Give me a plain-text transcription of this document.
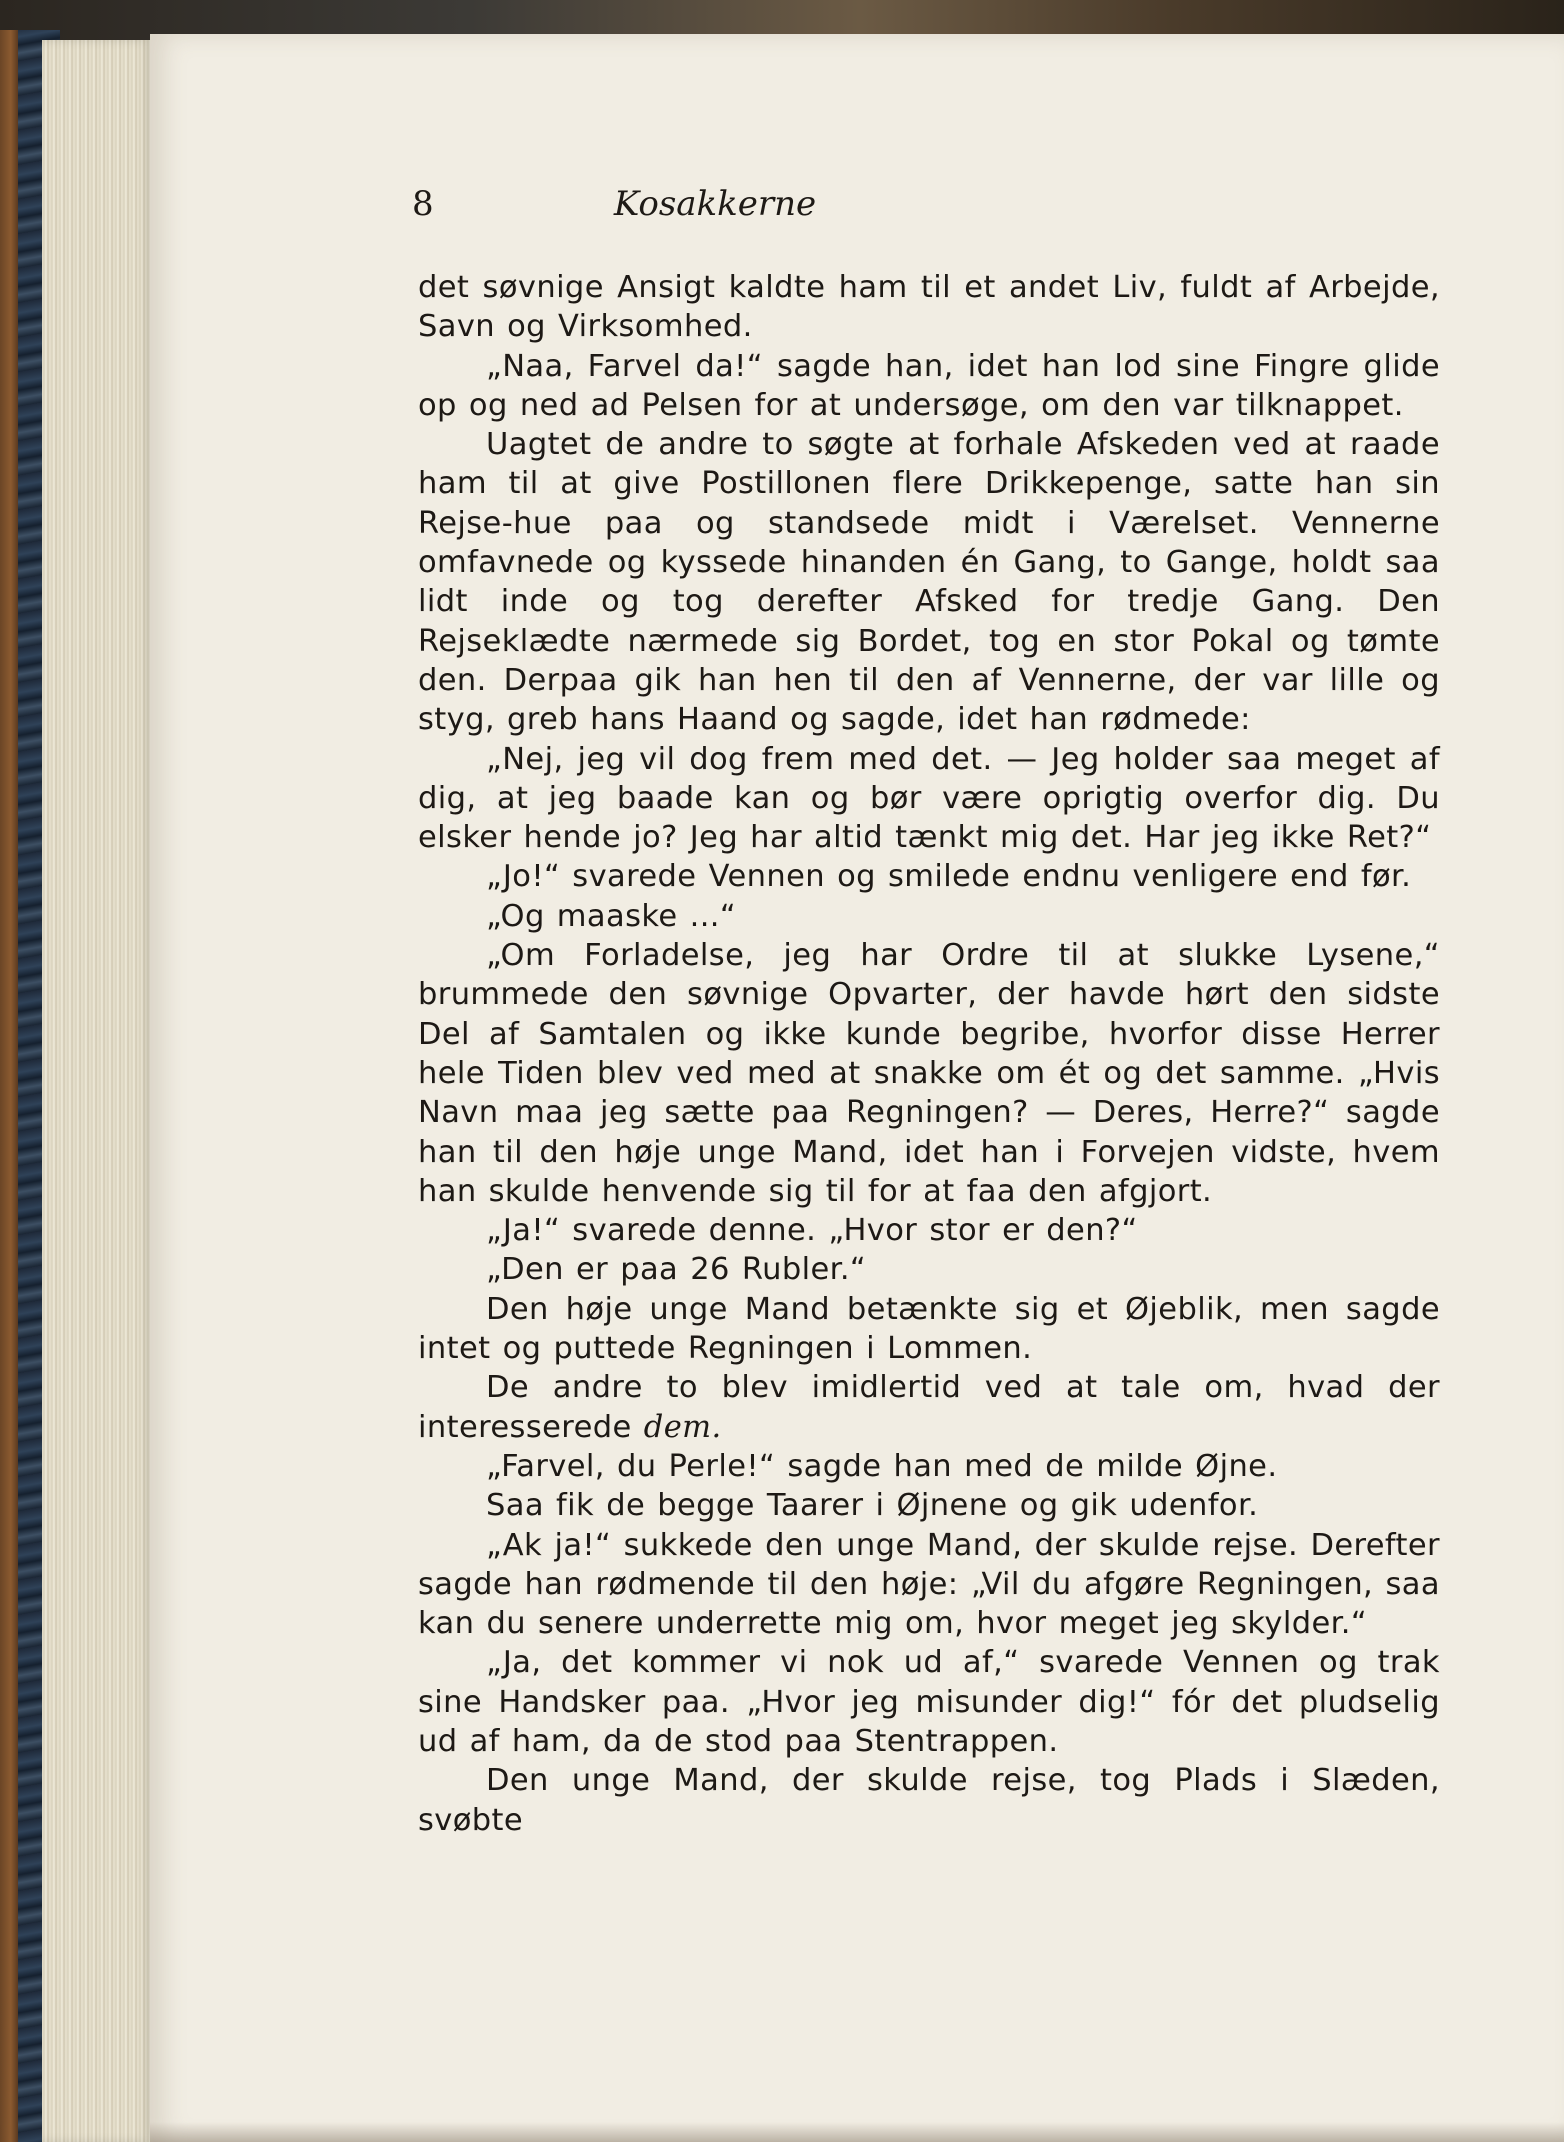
8	Kosakkerne

det søvnige Ansigt kaldte ham til et andet Liv, fuldt af Arbejde, Savn og Virksomhed.

„Naa, Farvel da!“ sagde han, idet han lod sine Fingre glide op og ned ad Pelsen for at undersøge, om den var tilknappet.

Uagtet de andre to søgte at forhale Afskeden ved at raade ham til at give Postillonen flere Drikkepenge, satte han sin Rejse-hue paa og standsede midt i Værelset. Vennerne omfavnede og kyssede hinanden én Gang, to Gange, holdt saa lidt inde og tog derefter Afsked for tredje Gang. Den Rejseklædte nærmede sig Bordet, tog en stor Pokal og tømte den. Derpaa gik han hen til den af Vennerne, der var lille og styg, greb hans Haand og sagde, idet han rødmede:

„Nej, jeg vil dog frem med det. — Jeg holder saa meget af dig, at jeg baade kan og bør være oprigtig overfor dig. Du elsker hende jo? Jeg har altid tænkt mig det. Har jeg ikke Ret?“

„Jo!“ svarede Vennen og smilede endnu venligere end før.

„Og maaske ...“

„Om Forladelse, jeg har Ordre til at slukke Lysene,“ brummede den søvnige Opvarter, der havde hørt den sidste Del af Samtalen og ikke kunde begribe, hvorfor disse Herrer hele Tiden blev ved med at snakke om ét og det samme. „Hvis Navn maa jeg sætte paa Regningen? — Deres, Herre?“ sagde han til den høje unge Mand, idet han i Forvejen vidste, hvem han skulde henvende sig til for at faa den afgjort.

„Ja!“ svarede denne. „Hvor stor er den?“

„Den er paa 26 Rubler.“

Den høje unge Mand betænkte sig et Øjeblik, men sagde intet og puttede Regningen i Lommen.

De andre to blev imidlertid ved at tale om, hvad der interesserede dem.

„Farvel, du Perle!“ sagde han med de milde Øjne.

Saa fik de begge Taarer i Øjnene og gik udenfor.

„Ak ja!“ sukkede den unge Mand, der skulde rejse. Derefter sagde han rødmende til den høje: „Vil du afgøre Regningen, saa kan du senere underrette mig om, hvor meget jeg skylder.“

„Ja, det kommer vi nok ud af,“ svarede Vennen og trak sine Handsker paa. „Hvor jeg misunder dig!“ fór det pludselig ud af ham, da de stod paa Stentrappen.

Den unge Mand, der skulde rejse, tog Plads i Slæden, svøbte
